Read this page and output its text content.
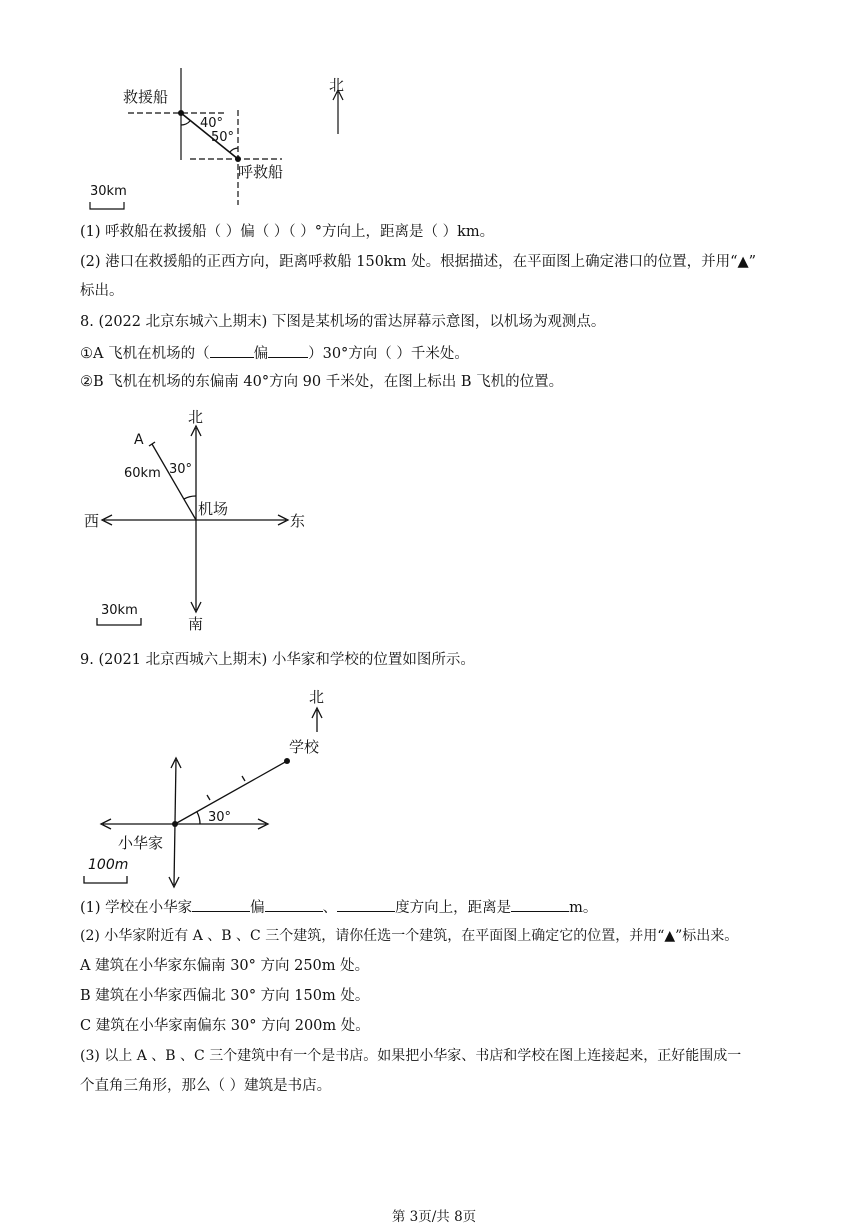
救援船
呼救船
40°
50°
北
30km
(1) 呼救船在救援船（ ）偏（ ）（ ）°方向上，距离是（ ）km。
(2) 港口在救援船的正西方向，距离呼救船 150km 处。根据描述，在平面图上确定港口的位置，并用“▲”
标出。
8. (2022 北京东城六上期末) 下图是某机场的雷达屏幕示意图，以机场为观测点。
①A 飞机在机场的（	偏	）30°方向（ ）千米处。
②B 飞机在机场的东偏南 40°方向 90 千米处，在图上标出 B 飞机的位置。
北
南
西	东
机场
A
60km 30°
30km
9. (2021 北京西城六上期末) 小华家和学校的位置如图所示。
北
学校
小华家
30°
100m
(1) 学校在小华家	偏	、	度方向上，距离是	m。
(2) 小华家附近有 A 、B 、C 三个建筑，请你任选一个建筑，在平面图上确定它的位置，并用“▲”标出来。
A 建筑在小华家东偏南 30° 方向 250m 处。
B 建筑在小华家西偏北 30° 方向 150m 处。
C 建筑在小华家南偏东 30° 方向 200m 处。
(3) 以上 A 、B 、C 三个建筑中有一个是书店。如果把小华家、书店和学校在图上连接起来，正好能围成一
个直角三角形，那么（ ）建筑是书店。
第 3页/共 8页
